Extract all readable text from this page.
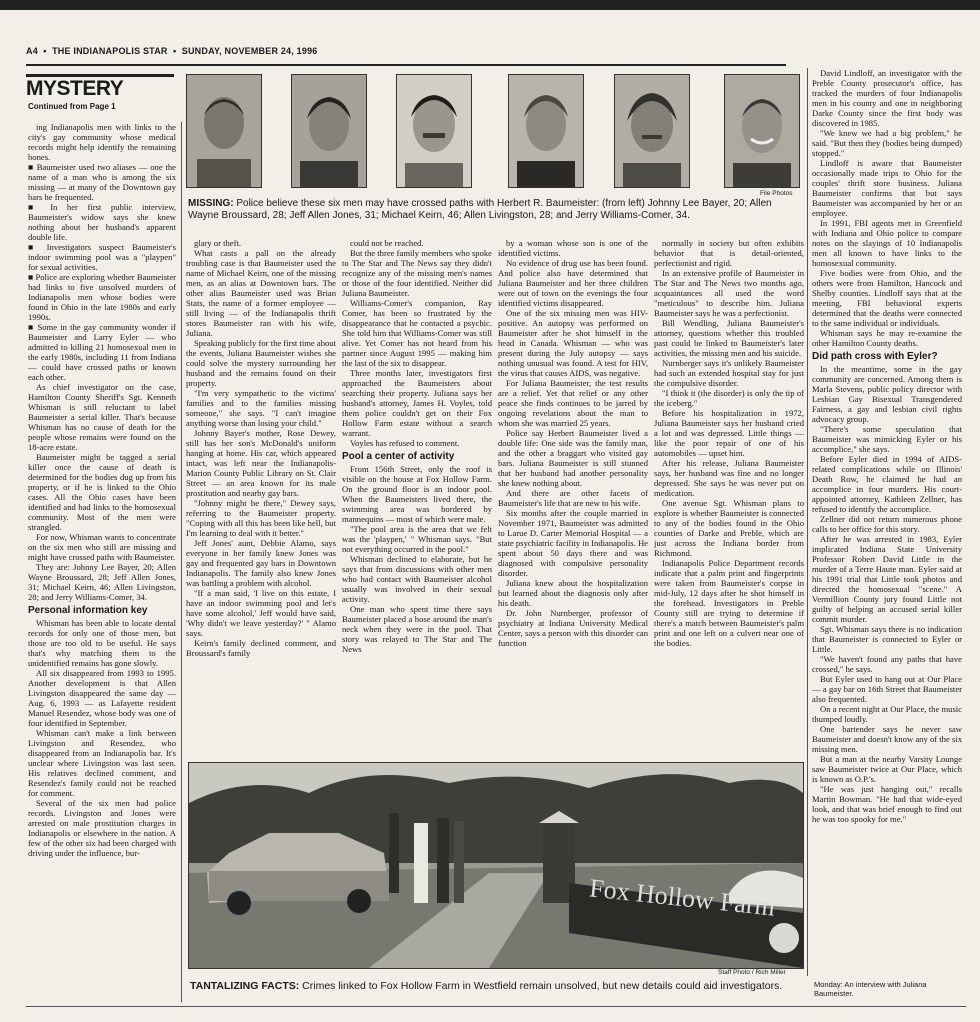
A4  •  THE INDIANAPOLIS STAR  •  SUNDAY, NOVEMBER 24, 1996
MYSTERY
Continued from Page 1

ing Indianapolis men with links to the city's gay community whose medical records might help identify the remaining bones.

■ Baumeister used two aliases — one the name of a man who is among the six missing — at many of the Downtown gay bars he frequented.

■ In her first public interview, Baumeister's widow says she knew nothing about her husband's apparent double life.

■ Investigators suspect Baumeister's indoor swimming pool was a "playpen" for sexual activities.

■ Police are exploring whether Baumeister had links to five unsolved murders of Indianapolis men whose bodies were found in Ohio in the late 1980s and early 1990s.

■ Some in the gay community wonder if Baumeister and Larry Eyler — who admitted to killing 21 homosexual men in the early 1980s, including 11 from Indiana — could have crossed paths or known each other.

As chief investigator on the case, Hamilton County Sheriff's Sgt. Kenneth Whisman is still reluctant to label Baumeister a serial killer. That's because Whisman has no cause of death for the people whose remains were found on the 18-acre estate.

Baumeister might be tagged a serial killer once the cause of death is determined for the bodies dug up from his property, or if he is linked to the Ohio cases. All the Ohio cases have been identified and had links to the homosexual community. Most of the men were strangled.

For now, Whisman wants to concentrate on the six men who still are missing and might have crossed paths with Baumeister.

They are: Johnny Lee Bayer, 20; Allen Wayne Broussard, 28; Jeff Allen Jones, 31; Michael Keirn, 46; Allen Livingston, 28; and Jerry Williams-Comer, 34.

Personal information key

Whisman has been able to locate dental records for only one of those men, but those are too old to be useful. He says that's why matching them to the unidentified remains has gone slowly.

All six disappeared from 1993 to 1995. Another development is that Allen Livingston disappeared the same day — Aug. 6, 1993 — as Lafayette resident Manuel Resendez, whose body was one of four identified in September.

Whisman can't make a link between Livingston and Resendez, who disappeared from an Indianapolis bar. It's unclear where Livingston was last seen. His relatives declined comment, and Resendez's family could not be reached for comment.

Several of the six men had police records. Livingston and Jones were arrested on male prostitution charges in Indianapolis or elsewhere in the nation. A few of the other six had been charged with driving under the influence, bur-

File Photos
MISSING: Police believe these six men may have crossed paths with Herbert R. Baumeister: (from left) Johnny Lee Bayer, 20; Allen Wayne Broussard, 28; Jeff Allen Jones, 31; Michael Keirn, 46; Allen Livingston, 28; and Jerry Williams-Comer, 34.

glary or theft.

What casts a pall on the already troubling case is that Baumeister used the name of Michael Keirn, one of the missing men, as an alias at Downtown bars. The other alias Baumeister used was Brian Stats, the name of a former employee — still living — of the Indianapolis thrift stores Baumeister ran with his wife, Juliana.

Speaking publicly for the first time about the events, Juliana Baumeister wishes she could solve the mystery surrounding her husband and the remains found on their property.

"I'm very sympathetic to the victims' families and to the families missing someone," she says. "I can't imagine anything worse than losing your child."

Johnny Bayer's mother, Rose Dewey, still has her son's McDonald's uniform hanging at home. His car, which appeared intact, was left near the Indianapolis-Marion County Public Library on St. Clair Street — an area known for its male prostitution and nearby gay bars.

"Johnny might be there," Dewey says, referring to the Baumeister property. "Coping with all this has been like hell, but I'm learning to deal with it better."

Jeff Jones' aunt, Debbie Alamo, says everyone in her family knew Jones was gay and frequented gay bars in Downtown Indianapolis. The family also knew Jones was battling a problem with alcohol.

"If a man said, 'I live on this estate, I have an indoor swimming pool and let's have some alcohol,' Jeff would have said, 'Why didn't we leave yesterday?' " Alamo says.

Keirn's family declined comment, and Broussard's family

could not be reached.

But the three family members who spoke to The Star and The News say they didn't recognize any of the missing men's names or those of the four identified. Neither did Juliana Baumeister.

Williams-Comer's companion, Ray Comer, has been so frustrated by the disappearance that he contacted a psychic. She told him that Williams-Comer was still alive. Yet Comer has not heard from his partner since August 1995 — making him the last of the six to disappear.

Three months later, investigators first approached the Baumeisters about searching their property. Juliana says her husband's attorney, James H. Voyles, told them police couldn't get on their Fox Hollow Farm estate without a search warrant.

Voyles has refused to comment.

Pool a center of activity

From 156th Street, only the roof is visible on the house at Fox Hollow Farm. On the ground floor is an indoor pool. When the Baumeisters lived there, the swimming area was bordered by mannequins — most of which were male.

"The pool area is the area that we felt was the 'playpen,' " Whisman says. "But not everything occurred in the pool."

Whisman declined to elaborate, but he says that from discussions with other men who had contact with Baumeister alcohol usually was involved in their sexual activity.

One man who spent time there says Baumeister placed a hose around the man's neck when they were in the pool. That story was relayed to The Star and The News

by a woman whose son is one of the identified victims.

No evidence of drug use has been found. And police also have determined that Juliana Baumeister and her three children were out of town on the evenings the four identified victims disappeared.

One of the six missing men was HIV-positive. An autopsy was performed on Baumeister after he shot himself in the head in Canada. Whisman — who was present during the July autopsy — says nothing unusual was found. A test for HIV, the virus that causes AIDS, was negative.

For Juliana Baumeister, the test results are a relief. Yet that relief or any other peace she finds continues to be jarred by ongoing revelations about the man to whom she was married 25 years.

Police say Herbert Baumeister lived a double life: One side was the family man, and the other a braggart who visited gay bars. Juliana Baumeister is still stunned that her husband had another personality she knew nothing about.

And there are other facets of Baumeister's life that are new to his wife.

Six months after the couple married in November 1971, Baumeister was admitted to Larue D. Carter Memorial Hospital — a state psychiatric facility in Indianapolis. He spent about 50 days there and was diagnosed with compulsive personality disorder.

Juliana knew about the hospitalization but learned about the diagnosis only after his death.

Dr. John Nurnberger, professor of psychiatry at Indiana University Medical Center, says a person with this disorder can function

normally in society but often exhibits behavior that is detail-oriented, perfectionist and rigid.

In an extensive profile of Baumeister in The Star and The News two months ago, acquaintances all used the word "meticulous" to describe him. Juliana Baumeister says he was a perfectionist.

Bill Wendling, Juliana Baumeister's attorney, questions whether this troubled past could be linked to Baumeister's later activities, the missing men and his suicide.

Nurnberger says it's unlikely Baumeister had such an extended hospital stay for just the compulsive disorder.

"I think it (the disorder) is only the tip of the iceberg."

Before his hospitalization in 1972, Juliana Baumeister says her husband cried a lot and was depressed. Little things — like the poor repair of one of his automobiles — upset him.

After his release, Juliana Baumeister says, her husband was fine and no longer depressed. She says he was never put on medication.

One avenue Sgt. Whisman plans to explore is whether Baumeister is connected to any of the bodies found in the Ohio counties of Darke and Preble, which are just across the Indiana border from Richmond.

Indianapolis Police Department records indicate that a palm print and fingerprints were taken from Baumeister's corpse in mid-July, 12 days after he shot himself in the forehead. Investigators in Preble County still are trying to determine if there's a match between Baumeister's palm print and one left on a culvert near one of the bodies.

David Lindloff, an investigator with the Preble County prosecutor's office, has tracked the murders of four Indianapolis men in his county and one in neighboring Darke County since the first body was discovered in 1985.

"We knew we had a big problem," he said. "But then they (bodies being dumped) stopped."

Lindloff is aware that Baumeister occasionally made trips to Ohio for the couples' thrift store business. Juliana Baumeister confirms that but says Baumeister was accompanied by her or an employee.

In 1991, FBI agents met in Greenfield with Indiana and Ohio police to compare notes on the slayings of 10 Indianapolis men all known to have links to the homosexual community.

Five bodies were from Ohio, and the others were from Hamilton, Hancock and Shelby counties. Lindloff says that at the meeting, FBI behavioral experts determined that the deaths were connected to the same individual or individuals.

Whisman says he may re-examine the other Hamilton County deaths.

Did path cross with Eyler?

In the meantime, some in the gay community are concerned. Among them is Marla Stevens, public policy director with Lesbian Gay Bisexual Transgendered Fairness, a gay and lesbian civil rights advocacy group.

"There's some speculation that Baumeister was mimicking Eyler or his accomplice," she says.

Before Eyler died in 1994 of AIDS-related complications while on Illinois' Death Row, he claimed he had an accomplice in four murders. His court-appointed attorney, Kathleen Zellner, has refused to identify the accomplice.

Zellner did not return numerous phone calls to her office for this story.

After he was arrested in 1983, Eyler implicated Indiana State University Professor Robert David Little in the murder of a Terre Haute man. Eyler said at his 1991 trial that Little took photos and directed the homosexual "scene." A Vermillion County jury found Little not guilty of helping an accused serial killer commit murder.

Sgt. Whisman says there is no indication that Baumeister is connected to Eyler or Little.

"We haven't found any paths that have crossed," he says.

But Eyler used to hang out at Our Place — a gay bar on 16th Street that Baumeister also frequented.

On a recent night at Our Place, the music thumped loudly.

One bartender says he never saw Baumeister and doesn't know any of the six missing men.

But a man at the nearby Varsity Lounge saw Baumeister twice at Our Place, which is known as O.P.'s.

"He was just hanging out," recalls Martin Bowman. "He had that wide-eyed look, and that was brief enough to find out he was too spooky for me."

Fox Hollow Farm
Staff Photo / Rich Miller
TANTALIZING FACTS: Crimes linked to Fox Hollow Farm in Westfield remain unsolved, but new details could aid investigators.	Monday: An interview with Juliana Baumeister.
